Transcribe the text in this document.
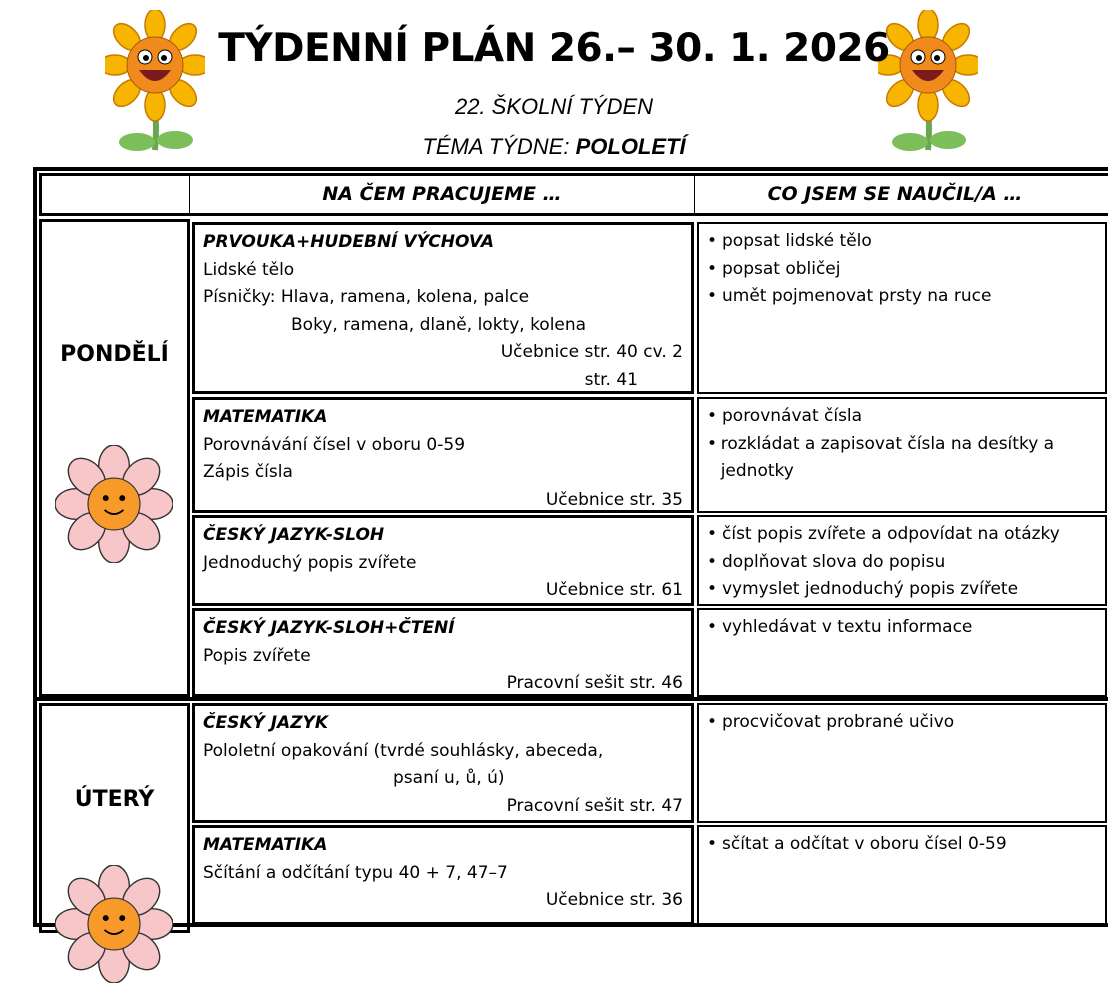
TÝDENNÍ PLÁN 26.– 30. 1. 2026
22. ŠKOLNÍ TÝDEN
TÉMA TÝDNE: POLOLETÍ
NA ČEM PRACUJEME …	CO JSEM SE NAUČIL/A …
PONDĚLÍ
ÚTERÝ
PRVOUKA+HUDEBNÍ VÝCHOVA
Lidské tělo
Písničky: Hlava, ramena, kolena, palce
Boky, ramena, dlaně, lokty, kolena
Učebnice str. 40 cv. 2
str. 41
• popsat lidské tělo
• popsat obličej
• umět pojmenovat prsty na ruce
MATEMATIKA
Porovnávání čísel v oboru 0-59
Zápis čísla
Učebnice str. 35
• porovnávat čísla
• rozkládat a zapisovat čísla na desítky a jednotky
ČESKÝ JAZYK-SLOH
Jednoduchý popis zvířete
Učebnice str. 61
• číst popis zvířete a odpovídat na otázky
• doplňovat slova do popisu
• vymyslet jednoduchý popis zvířete
ČESKÝ JAZYK-SLOH+ČTENÍ
Popis zvířete
Pracovní sešit str. 46
• vyhledávat v textu informace
ČESKÝ JAZYK
Pololetní opakování (tvrdé souhlásky, abeceda,
psaní u, ů, ú)
Pracovní sešit str. 47
• procvičovat probrané učivo
MATEMATIKA
Sčítání a odčítání typu 40 + 7, 47–7
Učebnice str. 36
• sčítat a odčítat v oboru čísel 0-59
